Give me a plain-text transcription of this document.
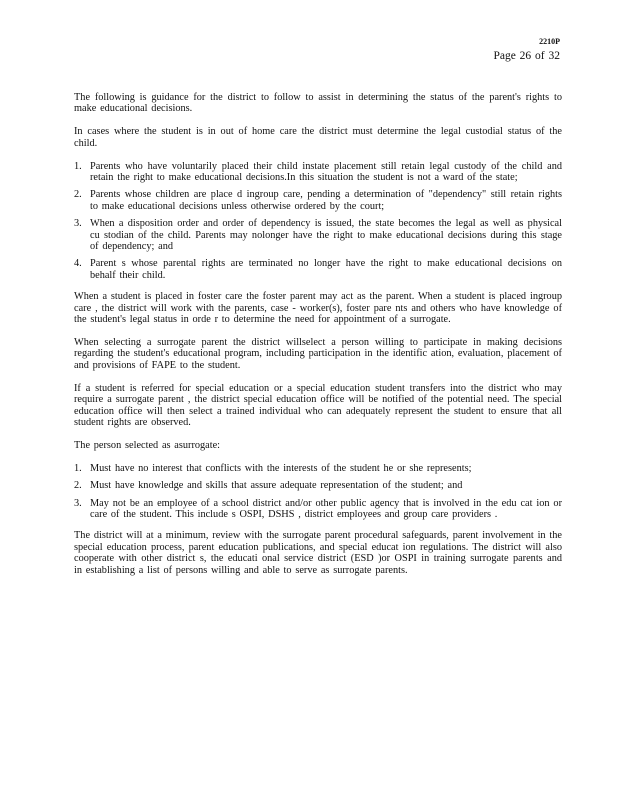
2210P
Page 26 of 32

The following is guidance for the district to follow to assist in determining the status of the parent's rights to make educational decisions.

In cases where the student is in out of home care the district must determine the legal custodial status of the child.

1. Parents who have voluntarily placed their child instate placement still retain legal custody of the child and retain the right to make educational decisions.In this situation the student is not a ward of the state;
2. Parents whose children are place d ingroup care, pending a determination of "dependency" still retain rights to make educational decisions unless otherwise ordered by the court;
3. When a disposition order and order of dependency is issued, the state becomes the legal as well as physical cu stodian of the child. Parents may nolonger have the right to make educational decisions during this stage of dependency; and
4. Parent s whose parental rights are terminated no longer have the right to make educational decisions on behalf their child.

When a student is placed in foster care the foster parent may act as the parent. When a student is placed ingroup care , the district will work with the parents, case - worker(s), foster pare nts and others who have knowledge of the student's legal status in orde r to determine the need for appointment of a surrogate.

When selecting a surrogate parent the district willselect a person willing to participate in making decisions regarding the student's educational program, including participation in the identific ation, evaluation, placement of and provisions of FAPE to the student.

If a student is referred for special education or a special education student transfers into the district who may require a surrogate parent , the district special education office will be notified of the potential need. The special education office will then select a trained individual who can adequately represent the student to ensure that all student rights are observed.

The person selected as asurrogate:

1. Must have no interest that conflicts with the interests of the student he or she represents;
2. Must have knowledge and skills that assure adequate representation of the student; and
3. May not be an employee of a school district and/or other public agency that is involved in the edu cat ion or care of the student. This include s OSPI, DSHS , district employees and group care providers .

The district will at a minimum, review with the surrogate parent procedural safeguards, parent involvement in the special education process, parent education publications, and special educat ion regulations. The district will also cooperate with other district s, the educati onal service district (ESD )or OSPI in training surrogate parents and in establishing a list of persons willing and able to serve as surrogate parents.
